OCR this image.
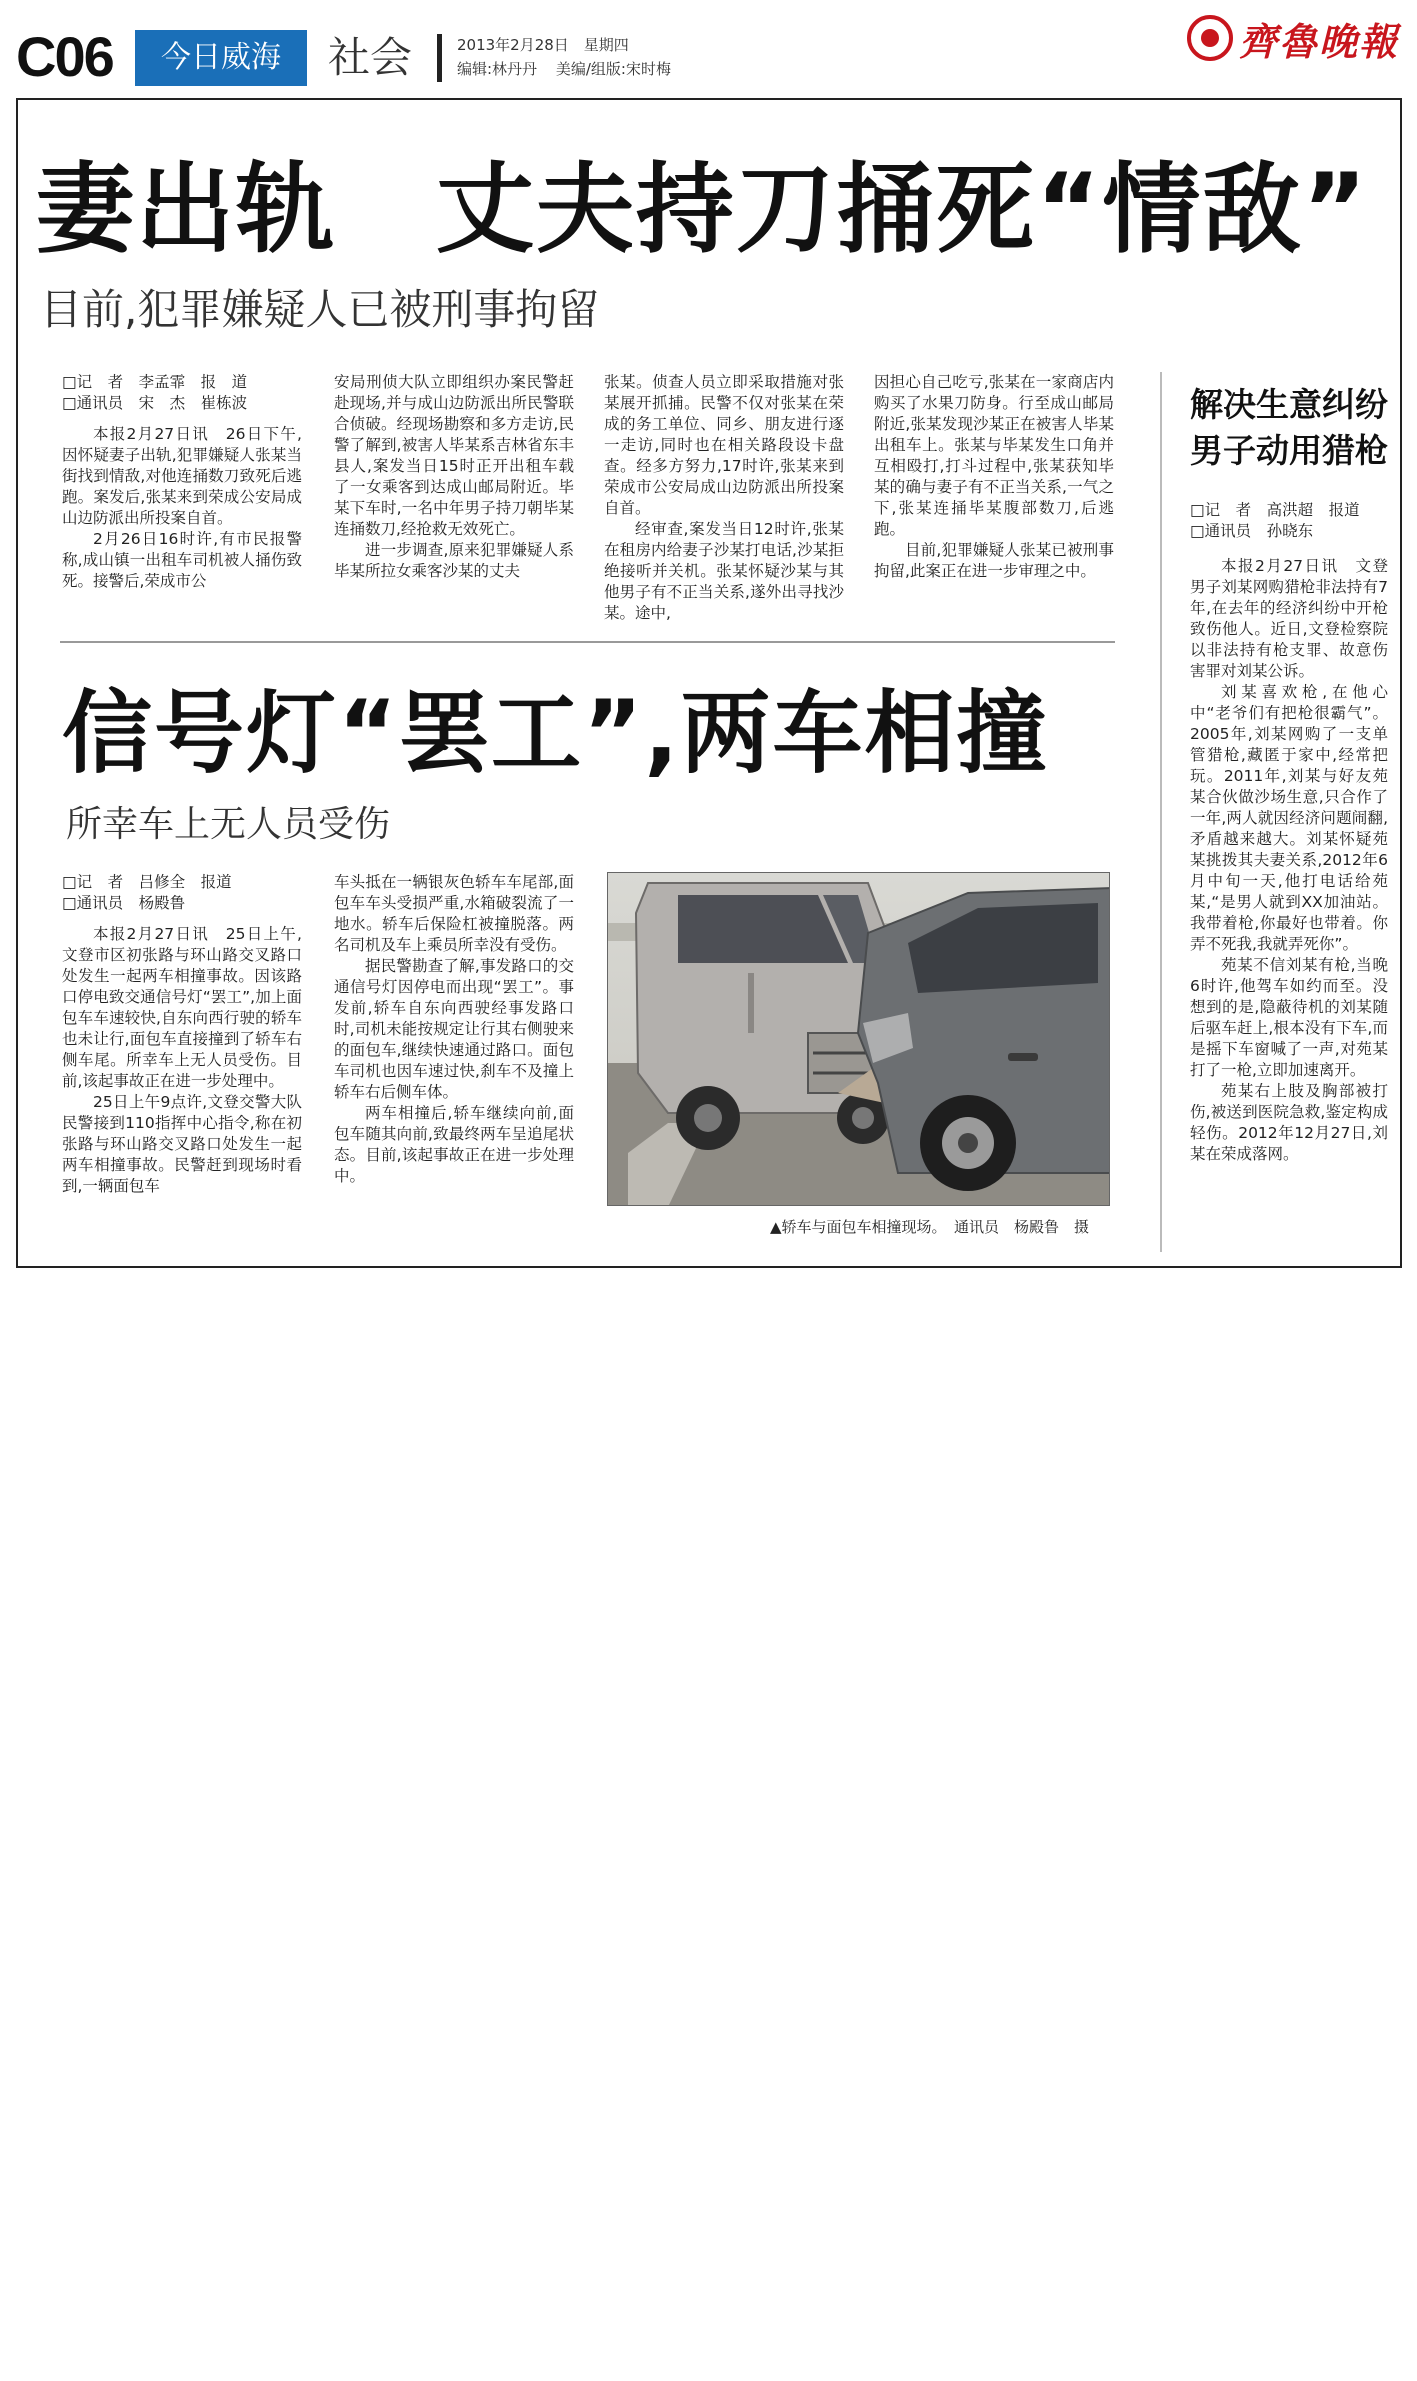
C06	今日威海	社会	2013年2月28日　星期四
编辑:林丹丹 美编/组版:宋时梅
齊魯晚報
妻出轨　丈夫持刀捅死“情敌”
目前,犯罪嫌疑人已被刑事拘留

□记　者　李孟霏　报　道

□通讯员　宋　杰　崔栋波

本报2月27日讯　26日下午,因怀疑妻子出轨,犯罪嫌疑人张某当街找到情敌,对他连捅数刀致死后逃跑。案发后,张某来到荣成公安局成山边防派出所投案自首。

2月26日16时许,有市民报警称,成山镇一出租车司机被人捅伤致死。接警后,荣成市公

安局刑侦大队立即组织办案民警赶赴现场,并与成山边防派出所民警联合侦破。经现场勘察和多方走访,民警了解到,被害人毕某系吉林省东丰县人,案发当日15时正开出租车载了一女乘客到达成山邮局附近。毕某下车时,一名中年男子持刀朝毕某连捅数刀,经抢救无效死亡。

进一步调查,原来犯罪嫌疑人系毕某所拉女乘客沙某的丈夫

张某。侦查人员立即采取措施对张某展开抓捕。民警不仅对张某在荣成的务工单位、同乡、朋友进行逐一走访,同时也在相关路段设卡盘查。经多方努力,17时许,张某来到荣成市公安局成山边防派出所投案自首。

经审查,案发当日12时许,张某在租房内给妻子沙某打电话,沙某拒绝接听并关机。张某怀疑沙某与其他男子有不正当关系,遂外出寻找沙某。途中,

因担心自己吃亏,张某在一家商店内购买了水果刀防身。行至成山邮局附近,张某发现沙某正在被害人毕某出租车上。张某与毕某发生口角并互相殴打,打斗过程中,张某获知毕某的确与妻子有不正当关系,一气之下,张某连捅毕某腹部数刀,后逃跑。

目前,犯罪嫌疑人张某已被刑事拘留,此案正在进一步审理之中。

信号灯“罢工”,两车相撞
所幸车上无人员受伤

□记　者　吕修全　报道

□通讯员　杨殿鲁

本报2月27日讯　25日上午,文登市区初张路与环山路交叉路口处发生一起两车相撞事故。因该路口停电致交通信号灯“罢工”,加上面包车车速较快,自东向西行驶的轿车也未让行,面包车直接撞到了轿车右侧车尾。所幸车上无人员受伤。目前,该起事故正在进一步处理中。

25日上午9点许,文登交警大队民警接到110指挥中心指令,称在初张路与环山路交叉路口处发生一起两车相撞事故。民警赶到现场时看到,一辆面包车

车头抵在一辆银灰色轿车车尾部,面包车车头受损严重,水箱破裂流了一地水。轿车后保险杠被撞脱落。两名司机及车上乘员所幸没有受伤。

据民警勘查了解,事发路口的交通信号灯因停电而出现“罢工”。事发前,轿车自东向西驶经事发路口时,司机未能按规定让行其右侧驶来的面包车,继续快速通过路口。面包车司机也因车速过快,刹车不及撞上轿车右后侧车体。

两车相撞后,轿车继续向前,面包车随其向前,致最终两车呈追尾状态。目前,该起事故正在进一步处理中。

▲轿车与面包车相撞现场。　通讯员　杨殿鲁　摄
解决生意纠纷
男子动用猎枪

□记　者　高洪超　报道

□通讯员　孙晓东

本报2月27日讯　文登男子刘某网购猎枪非法持有7年,在去年的经济纠纷中开枪致伤他人。近日,文登检察院以非法持有枪支罪、故意伤害罪对刘某公诉。

刘某喜欢枪,在他心中“老爷们有把枪很霸气”。2005年,刘某网购了一支单管猎枪,藏匿于家中,经常把玩。2011年,刘某与好友苑某合伙做沙场生意,只合作了一年,两人就因经济问题闹翻,矛盾越来越大。刘某怀疑苑某挑拨其夫妻关系,2012年6月中旬一天,他打电话给苑某,“是男人就到XX加油站。我带着枪,你最好也带着。你弄不死我,我就弄死你”。

苑某不信刘某有枪,当晚6时许,他驾车如约而至。没想到的是,隐蔽待机的刘某随后驱车赶上,根本没有下车,而是摇下车窗喊了一声,对苑某打了一枪,立即加速离开。

苑某右上肢及胸部被打伤,被送到医院急救,鉴定构成轻伤。2012年12月27日,刘某在荣成落网。
